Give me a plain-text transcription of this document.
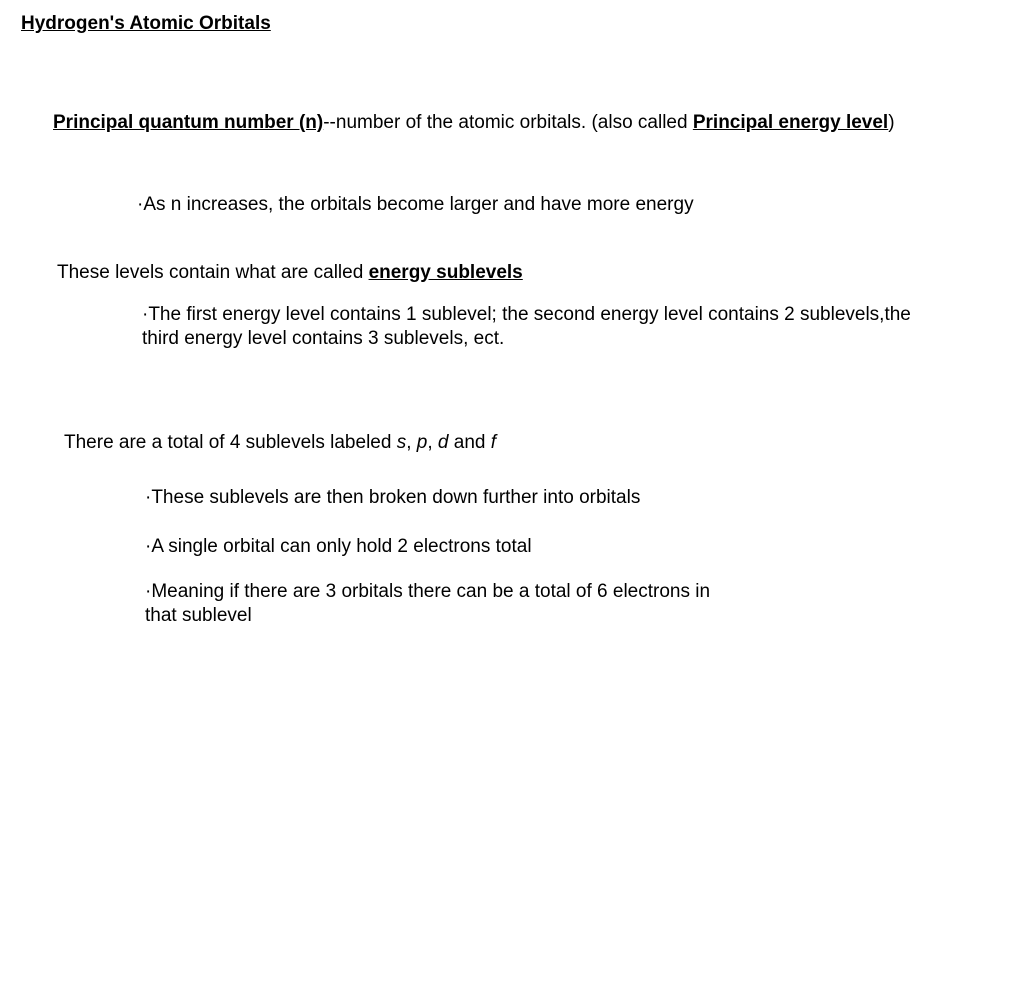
Hydrogen's Atomic Orbitals
Principal quantum number (n)--number of the atomic orbitals. (also called Principal energy level)
·As n increases, the orbitals become larger and have more energy
These levels contain what are called energy sublevels
·The first energy level contains 1 sublevel; the second energy level contains 2 sublevels,the
third energy level contains 3 sublevels, ect.
There are a total of 4 sublevels labeled s, p, d and f
·These sublevels are then broken down further into orbitals
·A single orbital can only hold 2 electrons total
·Meaning if there are 3 orbitals there can be a total of 6 electrons in
that sublevel
